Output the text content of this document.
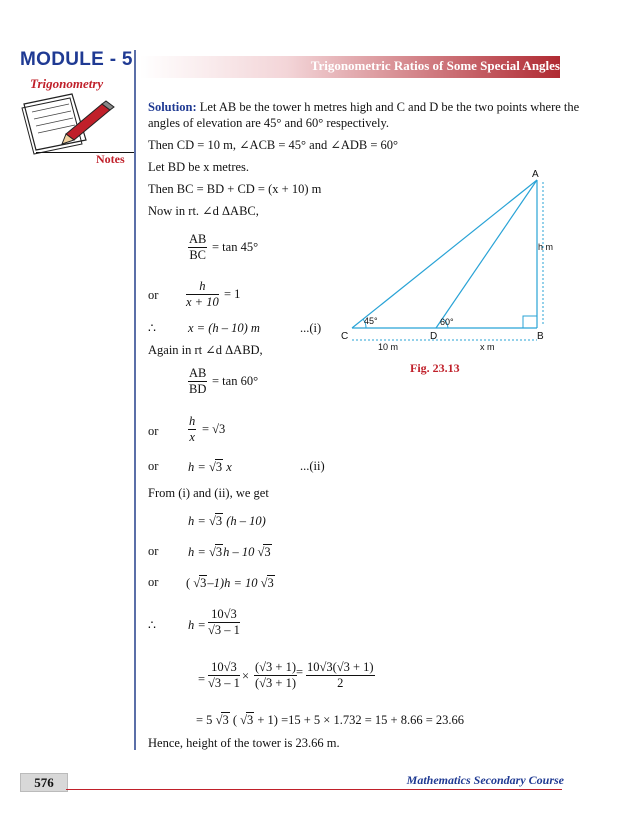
MODULE - 5
Trigonometry
Notes
Trigonometric Ratios of Some Special Angles
Solution: Let AB be the tower h metres high and C and D be the two points where the
angles of elevation are 45° and 60° respectively.
Then CD = 10 m, ∠ACB = 45° and ∠ADB = 60°
Let BD be x metres.
Then BC = BD + CD = (x + 10) m
Now in rt. ∠d ΔABC,
$\frac{AB}{BC} = \tan 45^\circ$
or $\frac{h}{x + 10} = 1$
∴	x = (h – 10) m	...(i)
Again in rt ∠d ΔABD,
$\frac{AB}{BD} = \tan 60^\circ$
or $\frac{h}{x} = √3$
or h = √3 x	...(ii)
From (i) and (ii), we get
h = √3 (h – 10)
or h = √3h – 10 √3
or ( √3–1)h = 10 √3
∴	$h = \frac{10√3}{√3 - 1}$
= $\frac{10√3}{√3 - 1} \times \frac{(√3 + 1)}{(√3 + 1)} = \frac{10√3(√3 + 1)}{2}$
= 5 √3 ( √3 + 1) =15 + 5 × 1.732 = 15 + 8.66 = 23.66
Hence, height of the tower is 23.66 m.
A
B
C	D
45°	60°
10 m	x m
h m
Fig. 23.13
576	Mathematics Secondary Course
